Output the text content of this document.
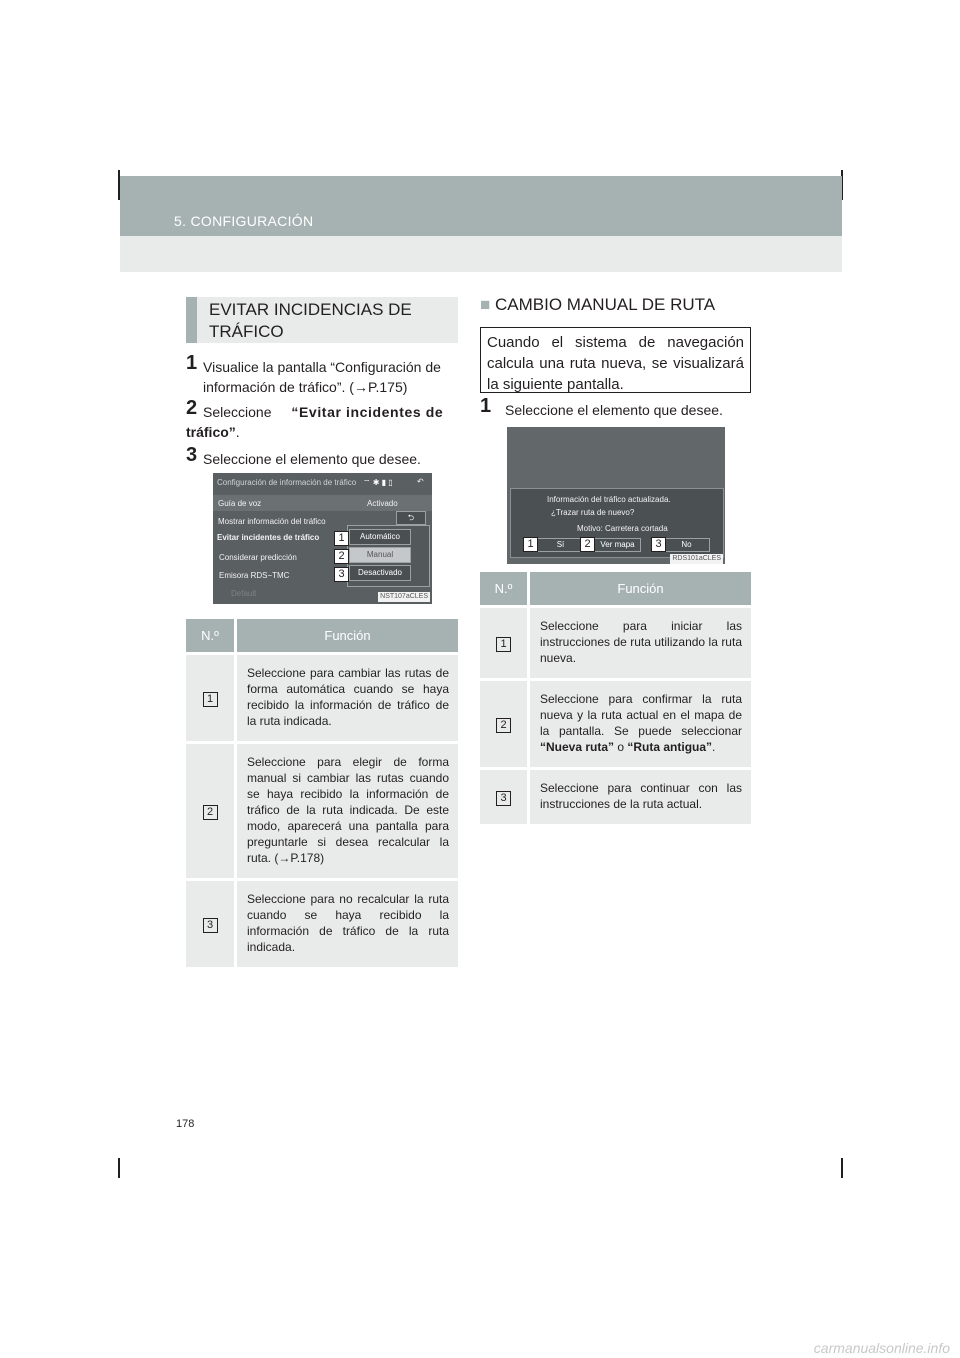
5. CONFIGURACIÓN
EVITAR INCIDENCIAS DE TRÁFICO
1 Visualice la pantalla “Configuración de
información de tráfico”. (→P.175)
2 Seleccione “Evitar incidentes de
tráfico”.
3 Seleccione el elemento que desee.
Configuración de información de tráfico ⌔ ✱ ▮ ▯	↶
Guía de voz	Activado
Mostrar información del tráfico	⮌
Evitar incidentes de tráfico
Considerar predicción
Emisora RDS−TMC
Default
Automático
Manual
Desactivado
1
2
3
NST107aCLES
N.º	Función
1	Seleccione para cambiar las rutas de forma automática cuando se haya recibido la información de tráfico de la ruta indicada.
2	Seleccione para elegir de forma manual si cambiar las rutas cuando se haya recibido la información de tráfico de la ruta indicada. De este modo, aparecerá una pantalla para preguntarle si desea recalcular la ruta. (→P.178)
3	Seleccione para no recalcular la ruta cuando se haya recibido la información de tráfico de la ruta indicada.
■ CAMBIO MANUAL DE RUTA
Cuando el sistema de navegación calcula una ruta nueva, se visualizará la siguiente pantalla.
1 Seleccione el elemento que desee.
Información del tráfico actualizada.
¿Trazar ruta de nuevo?
Motivo: Carretera cortada
Sí	Ver mapa	No
1	2	3
RDS101aCLES
N.º	Función
1	Seleccione para iniciar las instrucciones de ruta utilizando la ruta nueva.
2	Seleccione para confirmar la ruta nueva y la ruta actual en el mapa de la pantalla. Se puede seleccionar “Nueva ruta” o “Ruta antigua”.
3	Seleccione para continuar con las instrucciones de la ruta actual.
178
carmanualsonline.info
